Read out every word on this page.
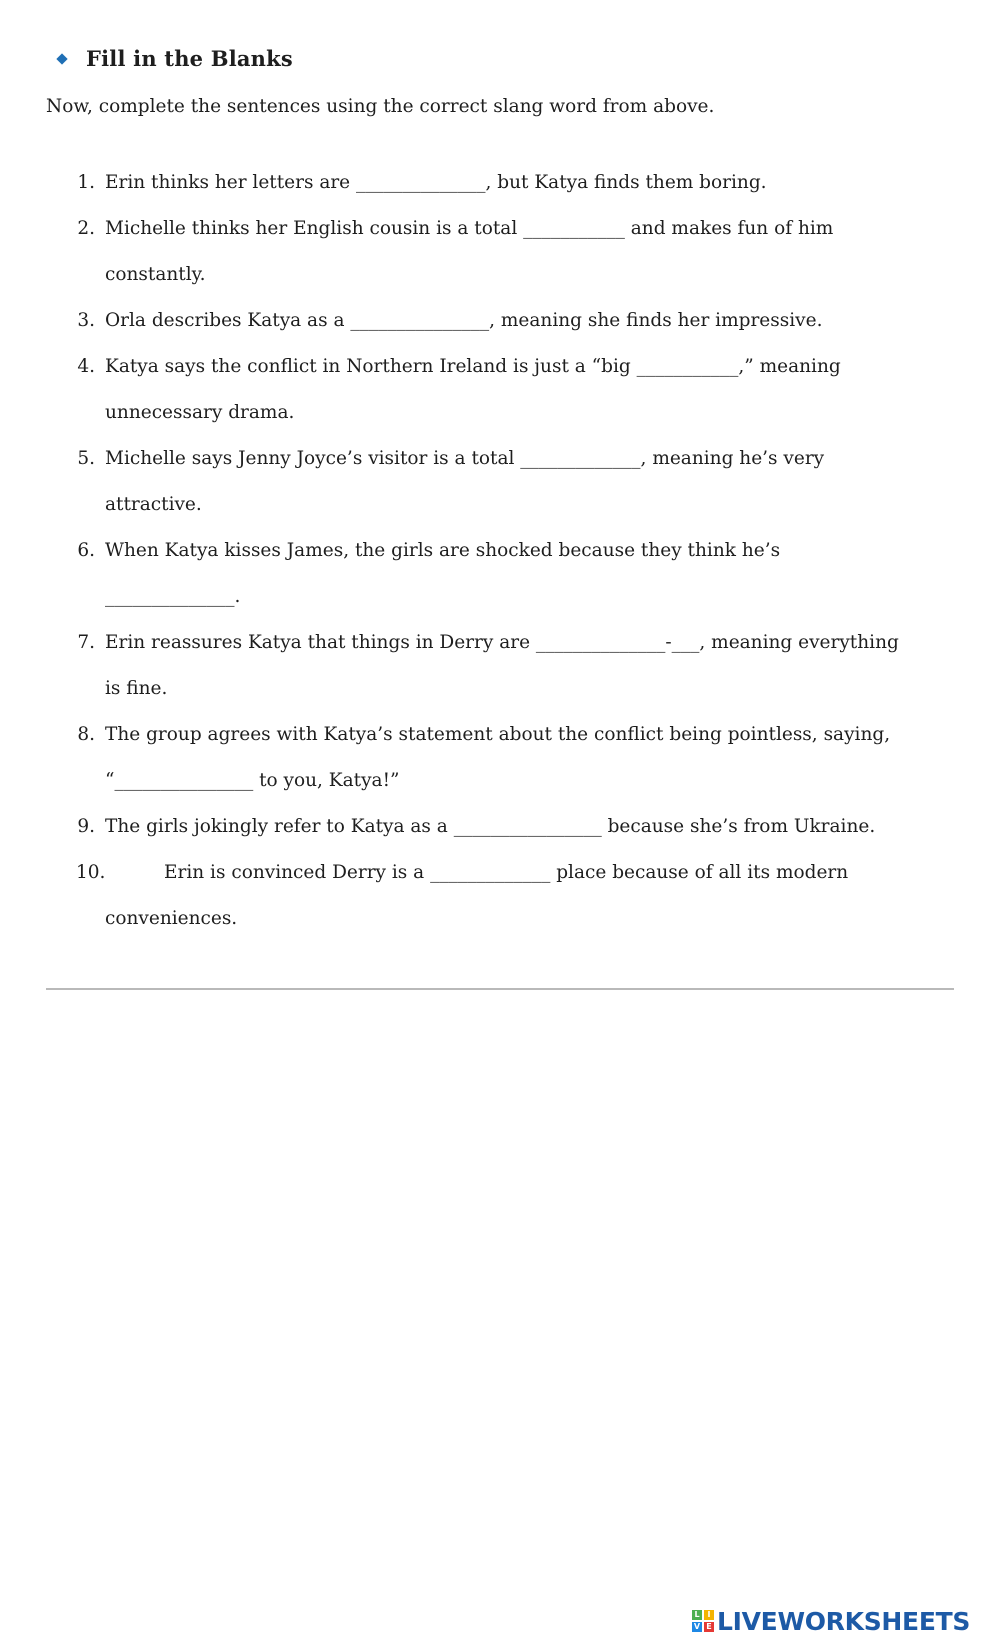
Fill in the Blanks
Now, complete the sentences using the correct slang word from above.
1. Erin thinks her letters are ______________, but Katya finds them boring.
2. Michelle thinks her English cousin is a total ___________ and makes fun of him
constantly.
3. Orla describes Katya as a _______________, meaning she finds her impressive.
4. Katya says the conflict in Northern Ireland is just a “big ___________,” meaning
unnecessary drama.
5. Michelle says Jenny Joyce’s visitor is a total _____________, meaning he’s very
attractive.
6. When Katya kisses James, the girls are shocked because they think he’s
______________.
7. Erin reassures Katya that things in Derry are ______________-___, meaning everything
is fine.
8. The group agrees with Katya’s statement about the conflict being pointless, saying,
“_______________ to you, Katya!”
9. The girls jokingly refer to Katya as a ________________ because she’s from Ukraine.
10.	Erin is convinced Derry is a _____________ place because of all its modern
conveniences.
L I
V E LIVEWORKSHEETS
